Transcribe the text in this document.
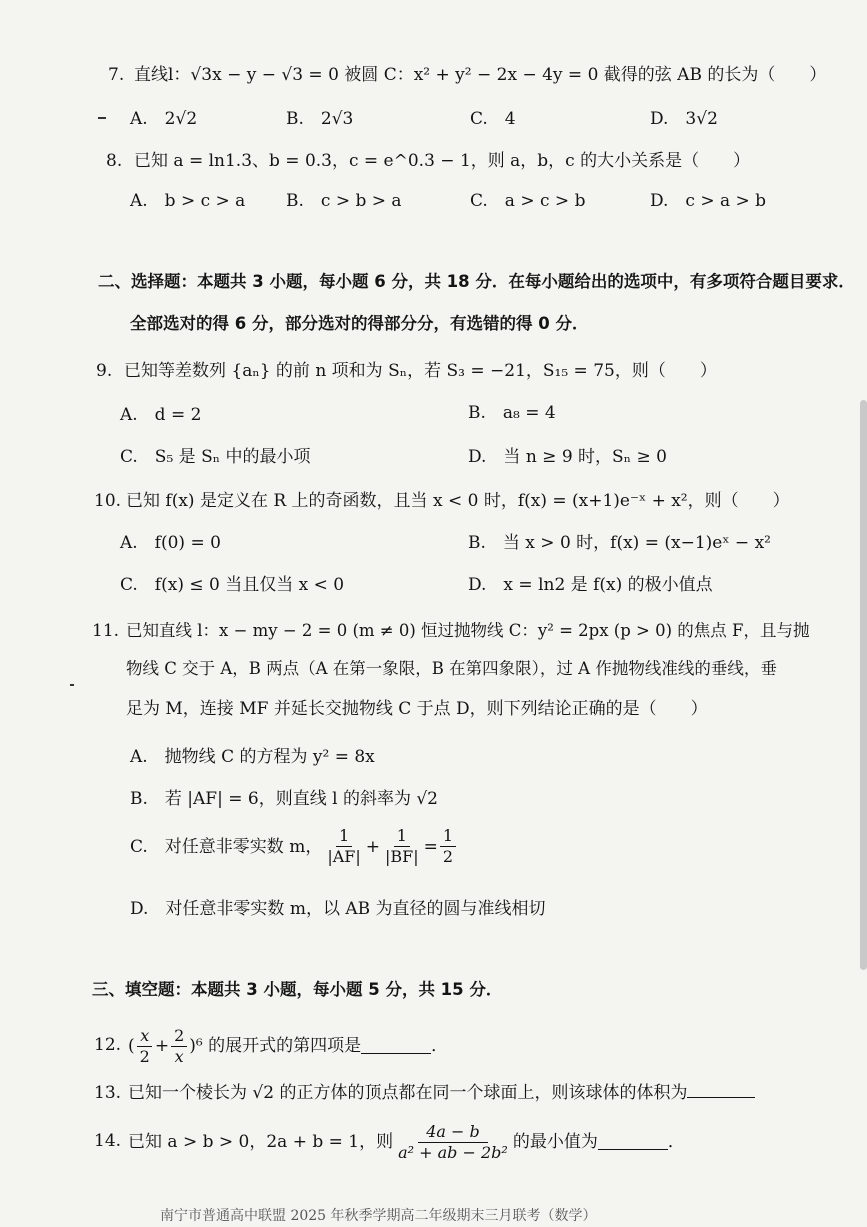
7. 直线l：√3x − y − √3 = 0 被圆 C：x² + y² − 2x − 4y = 0 截得的弦 AB 的长为（　　）
A.　2√2	B.　2√3	C.　4	D.　3√2
8. 已知 a = ln1.3、b = 0.3，c = e^0.3 − 1，则 a，b，c 的大小关系是（　　）
A.　b > c > a B.　c > b > a	C.　a > c > b	D.　c > a > b
二、选择题：本题共 3 小题，每小题 6 分，共 18 分．在每小题给出的选项中，有多项符合题目要求．
全部选对的得 6 分，部分选对的得部分分，有选错的得 0 分．
9. 已知等差数列 {aₙ} 的前 n 项和为 Sₙ，若 S₃ = −21，S₁₅ = 75，则（　　）
A.　d = 2	B.　a₈ = 4
C.　S₅ 是 Sₙ 中的最小项	D.　当 n ≥ 9 时，Sₙ ≥ 0
10. 已知 f(x) 是定义在 R 上的奇函数，且当 x < 0 时，f(x) = (x+1)e⁻ˣ + x²，则（　　）
A.　f(0) = 0	B.　当 x > 0 时，f(x) = (x−1)eˣ − x²
C.　f(x) ≤ 0 当且仅当 x < 0	D.　x = ln2 是 f(x) 的极小值点
11. 已知直线 l：x − my − 2 = 0 (m ≠ 0) 恒过抛物线 C：y² = 2px (p > 0) 的焦点 F，且与抛
物线 C 交于 A，B 两点（A 在第一象限，B 在第四象限），过 A 作抛物线准线的垂线，垂
足为 M，连接 MF 并延长交抛物线 C 于点 D，则下列结论正确的是（　　）
A.　抛物线 C 的方程为 y² = 8x
B.　若 |AF| = 6，则直线 l 的斜率为 √2
C.　对任意非零实数 m， $\frac{1}{|AF|} + \frac{1}{|BF|} = \frac{1}{2}$
D.　对任意非零实数 m，以 AB 为直径的圆与准线相切
三、填空题：本题共 3 小题，每小题 5 分，共 15 分．
12. ( $\frac{x}{2} + \frac{2}{x} )^6$ 的展开式的第四项是	．
13. 已知一个棱长为 √2 的正方体的顶点都在同一个球面上，则该球体的体积为
14. 已知 a > b > 0，2a + b = 1，则 $\frac{4a - b}{\text{a² + ab − 2b²}}$ 的最小值为	．
南宁市普通高中联盟 2025 年秋季学期高二年级期末三月联考（数学）
